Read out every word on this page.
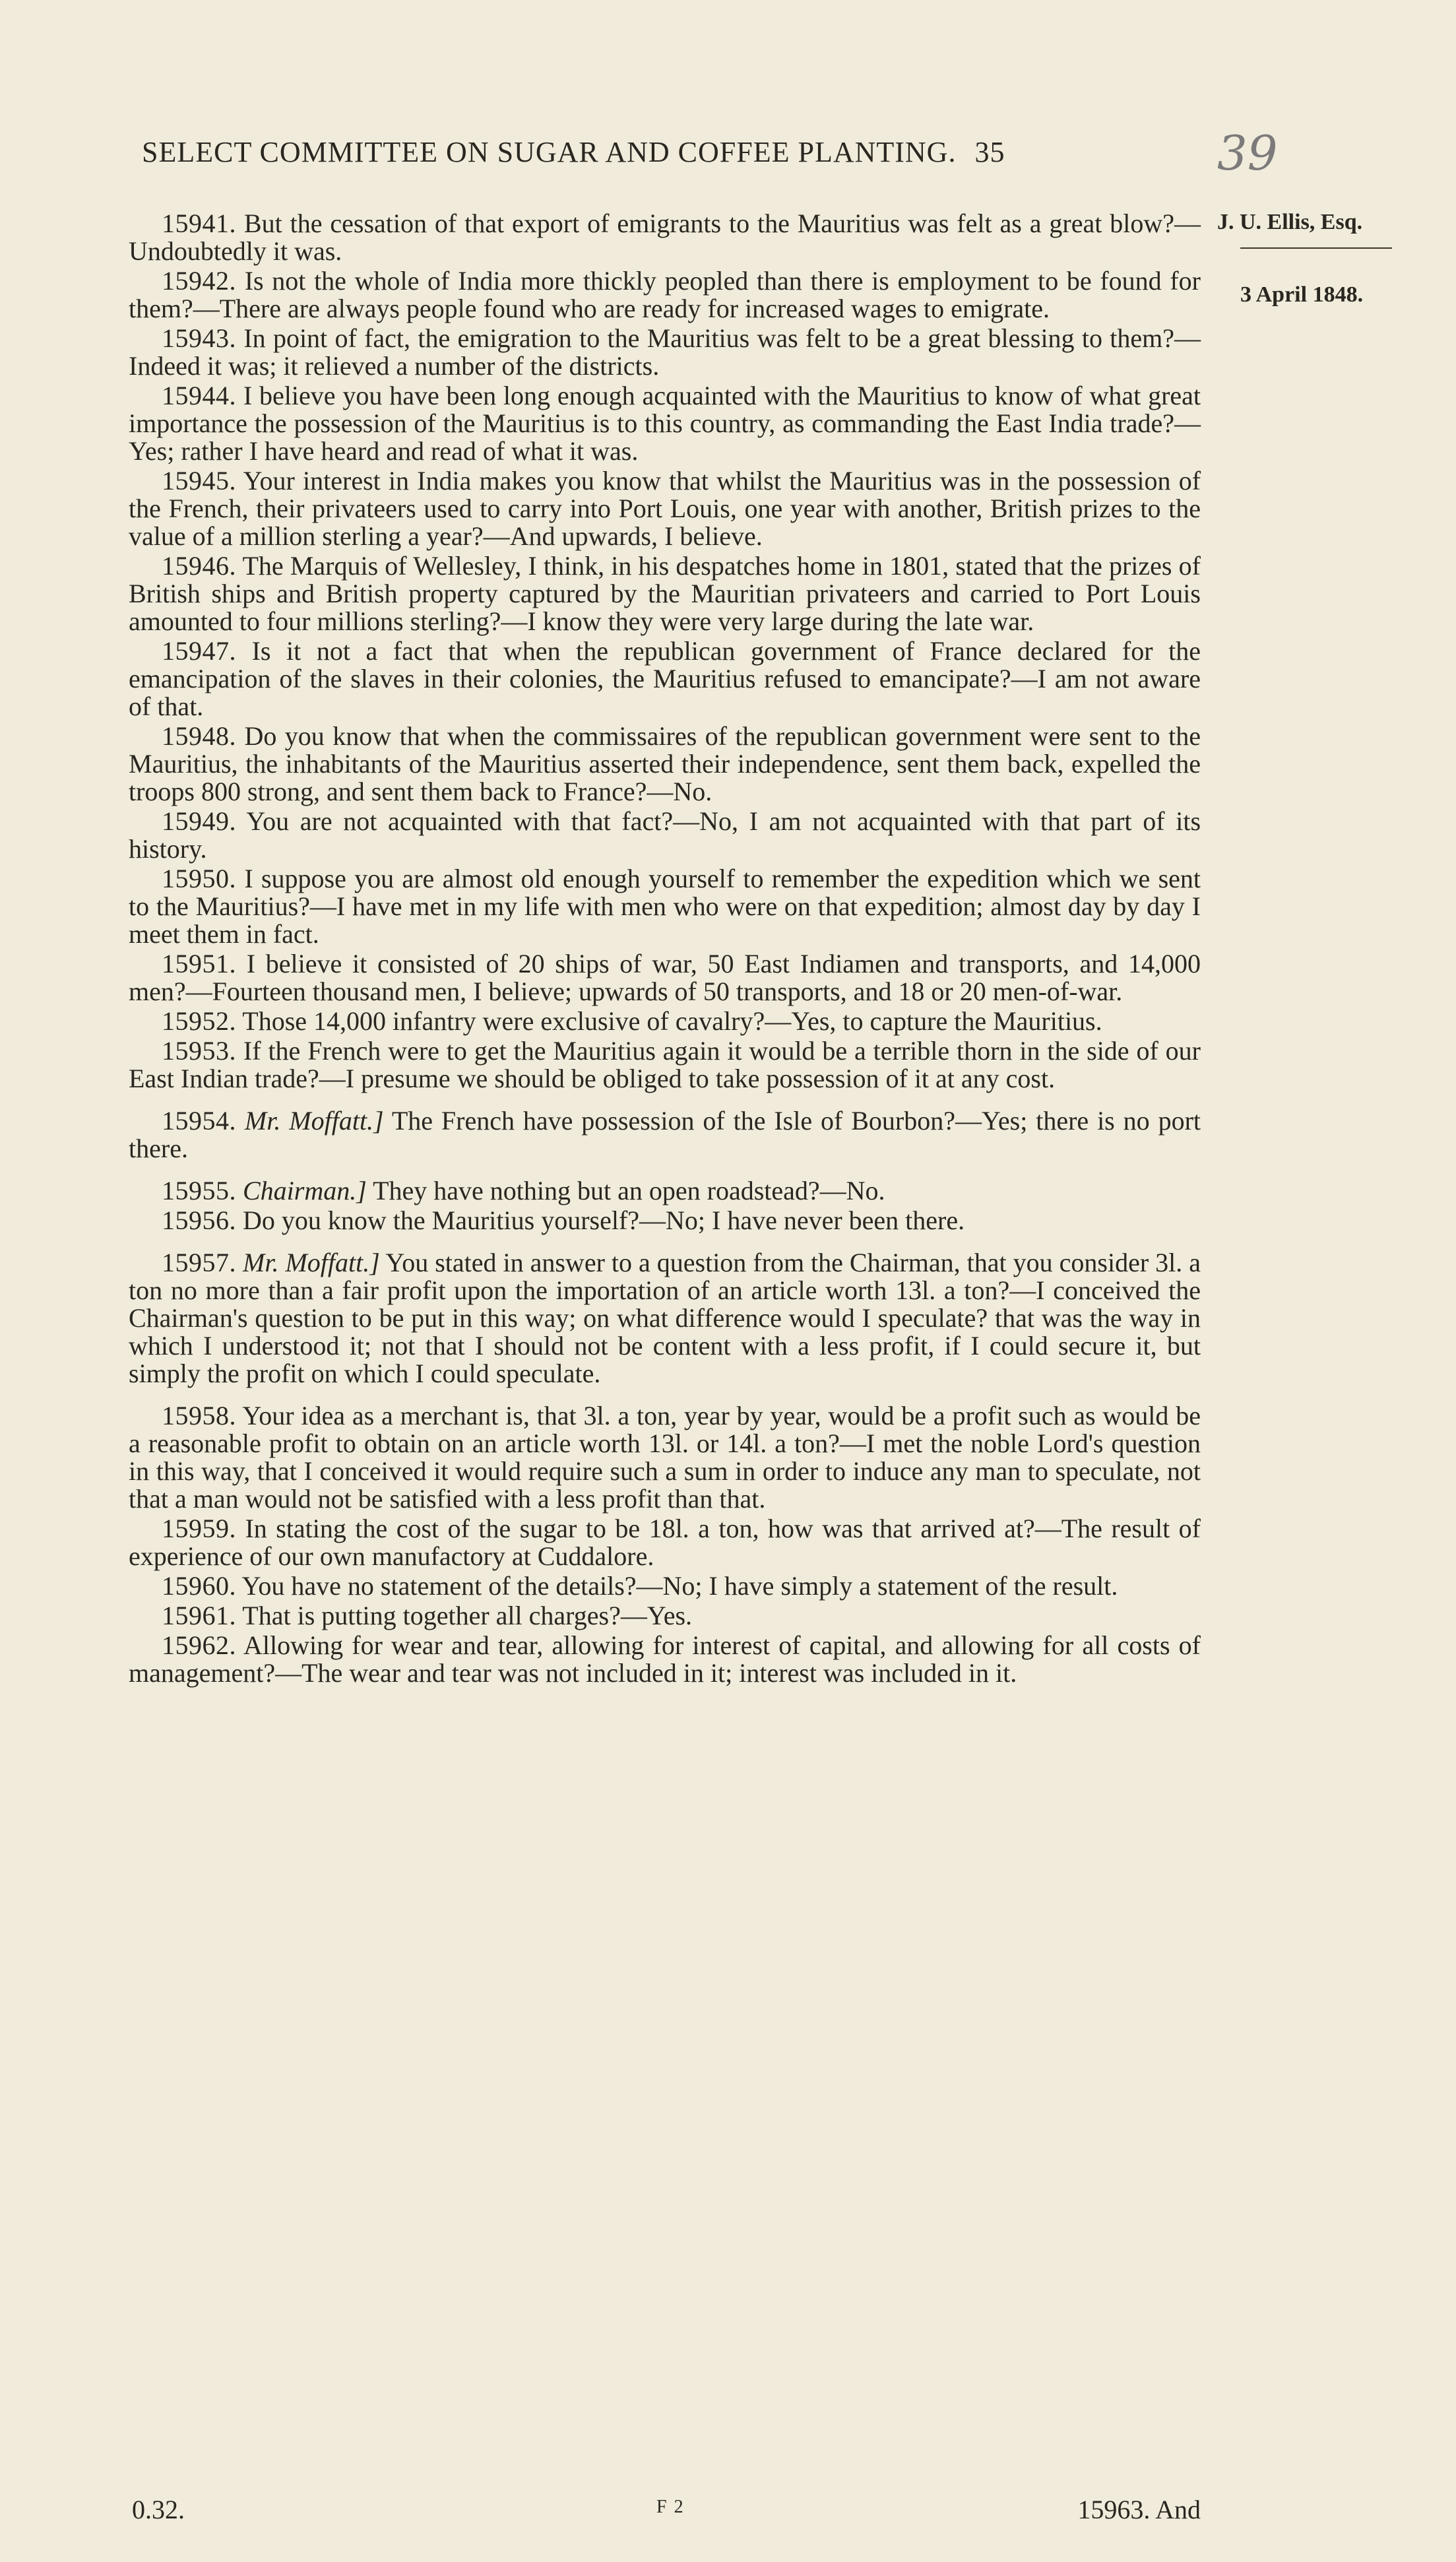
SELECT COMMITTEE ON SUGAR AND COFFEE PLANTING. 35	39
J. U. Ellis, Esq.
3 April 1848.

15941. But the cessation of that export of emigrants to the Mauritius was felt as a great blow?—Undoubtedly it was.

15942. Is not the whole of India more thickly peopled than there is employment to be found for them?—There are always people found who are ready for increased wages to emigrate.

15943. In point of fact, the emigration to the Mauritius was felt to be a great blessing to them?—Indeed it was; it relieved a number of the districts.

15944. I believe you have been long enough acquainted with the Mauritius to know of what great importance the possession of the Mauritius is to this country, as commanding the East India trade?—Yes; rather I have heard and read of what it was.

15945. Your interest in India makes you know that whilst the Mauritius was in the possession of the French, their privateers used to carry into Port Louis, one year with another, British prizes to the value of a million sterling a year?—And upwards, I believe.

15946. The Marquis of Wellesley, I think, in his despatches home in 1801, stated that the prizes of British ships and British property captured by the Mauritian privateers and carried to Port Louis amounted to four millions sterling?—I know they were very large during the late war.

15947. Is it not a fact that when the republican government of France declared for the emancipation of the slaves in their colonies, the Mauritius refused to emancipate?—I am not aware of that.

15948. Do you know that when the commissaires of the republican government were sent to the Mauritius, the inhabitants of the Mauritius asserted their independence, sent them back, expelled the troops 800 strong, and sent them back to France?—No.

15949. You are not acquainted with that fact?—No, I am not acquainted with that part of its history.

15950. I suppose you are almost old enough yourself to remember the expedition which we sent to the Mauritius?—I have met in my life with men who were on that expedition; almost day by day I meet them in fact.

15951. I believe it consisted of 20 ships of war, 50 East Indiamen and transports, and 14,000 men?—Fourteen thousand men, I believe; upwards of 50 transports, and 18 or 20 men-of-war.

15952. Those 14,000 infantry were exclusive of cavalry?—Yes, to capture the Mauritius.

15953. If the French were to get the Mauritius again it would be a terrible thorn in the side of our East Indian trade?—I presume we should be obliged to take possession of it at any cost.

15954. Mr. Moffatt.] The French have possession of the Isle of Bourbon?—Yes; there is no port there.

15955. Chairman.] They have nothing but an open roadstead?—No.

15956. Do you know the Mauritius yourself?—No; I have never been there.

15957. Mr. Moffatt.] You stated in answer to a question from the Chairman, that you consider 3l. a ton no more than a fair profit upon the importation of an article worth 13l. a ton?—I conceived the Chairman's question to be put in this way; on what difference would I speculate? that was the way in which I understood it; not that I should not be content with a less profit, if I could secure it, but simply the profit on which I could speculate.

15958. Your idea as a merchant is, that 3l. a ton, year by year, would be a profit such as would be a reasonable profit to obtain on an article worth 13l. or 14l. a ton?—I met the noble Lord's question in this way, that I conceived it would require such a sum in order to induce any man to speculate, not that a man would not be satisfied with a less profit than that.

15959. In stating the cost of the sugar to be 18l. a ton, how was that arrived at?—The result of experience of our own manufactory at Cuddalore.

15960. You have no statement of the details?—No; I have simply a statement of the result.

15961. That is putting together all charges?—Yes.

15962. Allowing for wear and tear, allowing for interest of capital, and allowing for all costs of management?—The wear and tear was not included in it; interest was included in it.

0.32.	F 2	15963. And
